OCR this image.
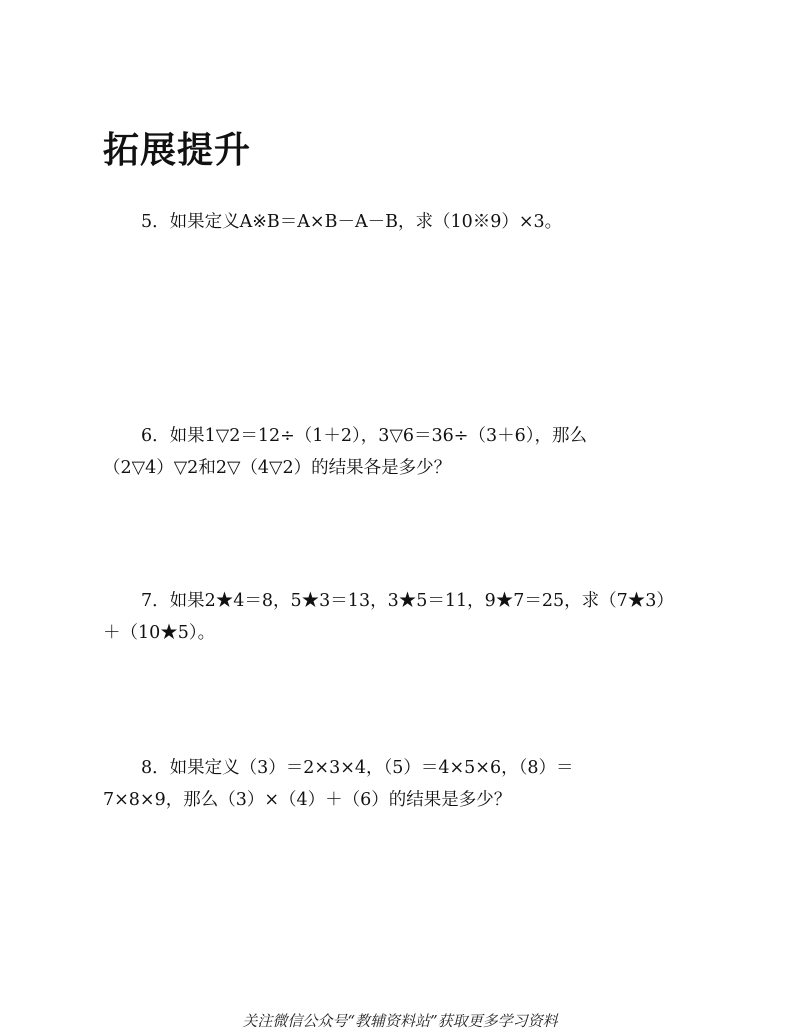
拓展提升
5．如果定义A※B＝A×B－A－B，求（10※9）×3。
6．如果1▽2＝12÷（1＋2），3▽6＝36÷（3＋6），那么
（2▽4）▽2和2▽（4▽2）的结果各是多少？
7．如果2★4＝8，5★3＝13，3★5＝11，9★7＝25，求（7★3）
＋（10★5）。
8．如果定义（3）＝2×3×4，（5）＝4×5×6，（8）＝
7×8×9，那么（3）×（4）＋（6）的结果是多少？
关注微信公众号“教辅资料站”获取更多学习资料
